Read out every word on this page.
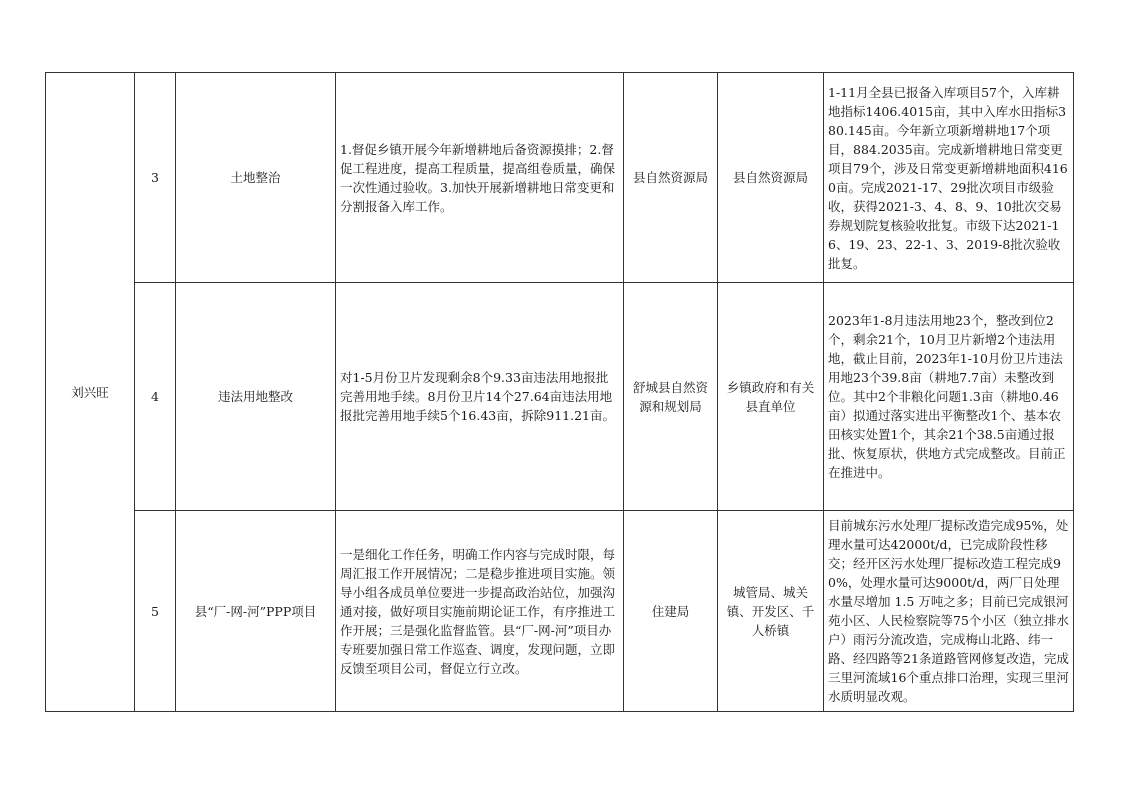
刘兴旺	3	土地整治	1.督促乡镇开展今年新增耕地后备资源摸排；2.督促工程进度，提高工程质量，提高组卷质量，确保一次性通过验收。3.加快开展新增耕地日常变更和分割报备入库工作。	县自然资源局	县自然资源局	1-11月全县已报备入库项目57个，入库耕地指标1406.4015亩，其中入库水田指标380.145亩。今年新立项新增耕地17个项目，884.2035亩。完成新增耕地日常变更项目79个，涉及日常变更新增耕地面积4160亩。完成2021-17、29批次项目市级验收，获得2021-3、4、8、9、10批次交易券规划院复核验收批复。市级下达2021-16、19、23、22-1、3、2019-8批次验收批复。
	4	违法用地整改	对1-5月份卫片发现剩余8个9.33亩违法用地报批完善用地手续。8月份卫片14个27.64亩违法用地报批完善用地手续5个16.43亩，拆除911.21亩。	舒城县自然资源和规划局	乡镇政府和有关县直单位	2023年1-8月违法用地23个，整改到位2个，剩余21个，10月卫片新增2个违法用地，截止目前，2023年1-10月份卫片违法用地23个39.8亩（耕地7.7亩）未整改到位。其中2个非粮化问题1.3亩（耕地0.46亩）拟通过落实进出平衡整改1个、基本农田核实处置1个，其余21个38.5亩通过报批、恢复原状，供地方式完成整改。目前正在推进中。
	5	县“厂-网-河”PPP项目	一是细化工作任务，明确工作内容与完成时限，每周汇报工作开展情况；二是稳步推进项目实施。领导小组各成员单位要进一步提高政治站位，加强沟通对接，做好项目实施前期论证工作，有序推进工作开展；三是强化监督监管。县“厂-网-河”项目办专班要加强日常工作巡查、调度，发现问题，立即反馈至项目公司，督促立行立改。	住建局	城管局、城关镇、开发区、千人桥镇	目前城东污水处理厂提标改造完成95%，处理水量可达42000t/d，已完成阶段性移交；经开区污水处理厂提标改造工程完成90%，处理水量可达9000t/d，两厂日处理水量尽增加 1.5 万吨之多；目前已完成银河苑小区、人民检察院等75个小区（独立排水户）雨污分流改造，完成梅山北路、纬一路、经四路等21条道路管网修复改造，完成三里河流域16个重点排口治理，实现三里河水质明显改观。
